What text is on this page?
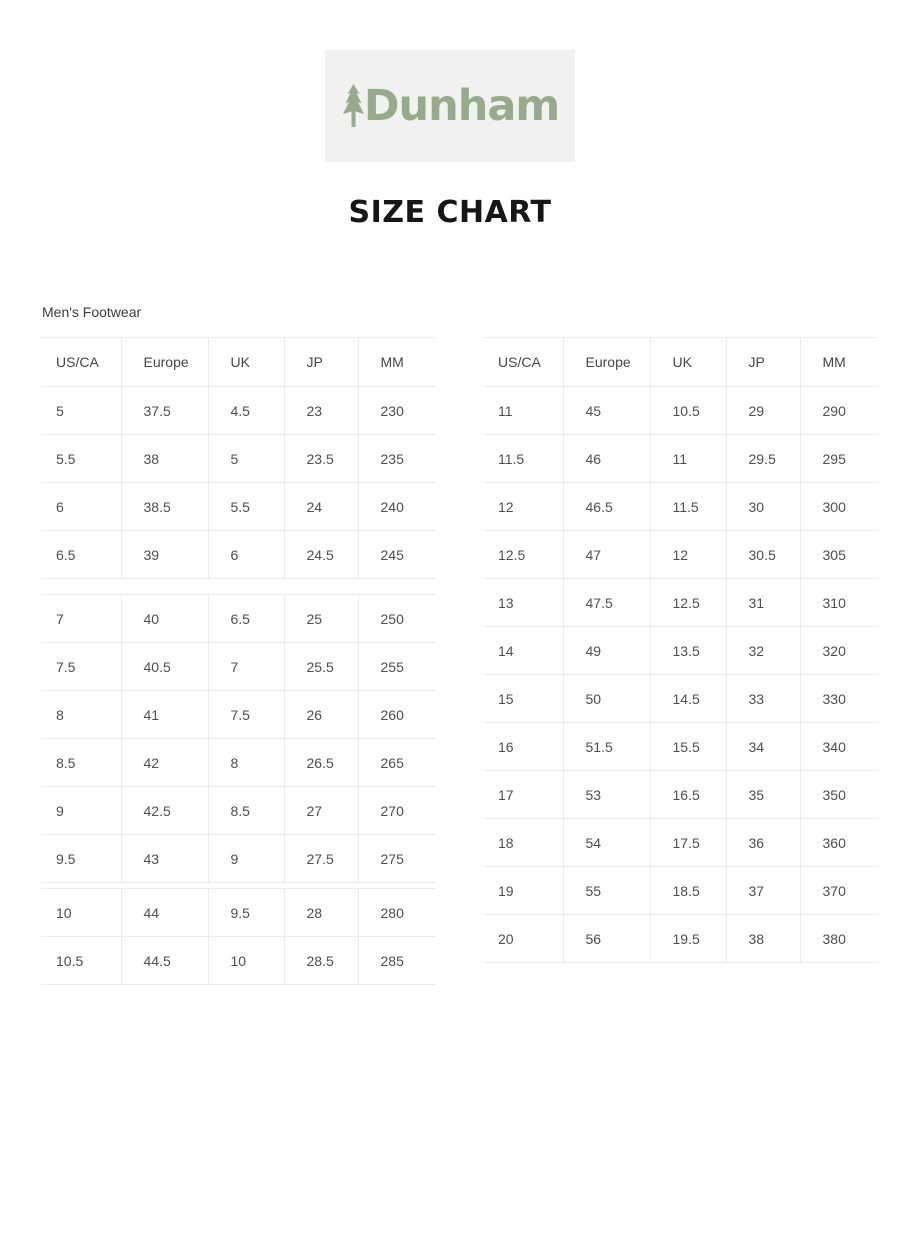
Dunham
SIZE CHART
Men's Footwear
US/CA	Europe	UK	JP	MM
5	37.5	4.5	23	230
5.5	38	5	23.5	235
6	38.5	5.5	24	240
6.5	39	6	24.5	245

7	40	6.5	25	250
7.5	40.5	7	25.5	255
8	41	7.5	26	260
8.5	42	8	26.5	265
9	42.5	8.5	27	270
9.5	43	9	27.5	275

10	44	9.5	28	280
10.5	44.5	10	28.5	285
US/CA	Europe	UK	JP	MM
11	45	10.5	29	290
11.5	46	11	29.5	295
12	46.5	11.5	30	300
12.5	47	12	30.5	305
13	47.5	12.5	31	310
14	49	13.5	32	320
15	50	14.5	33	330
16	51.5	15.5	34	340
17	53	16.5	35	350
18	54	17.5	36	360
19	55	18.5	37	370
20	56	19.5	38	380
